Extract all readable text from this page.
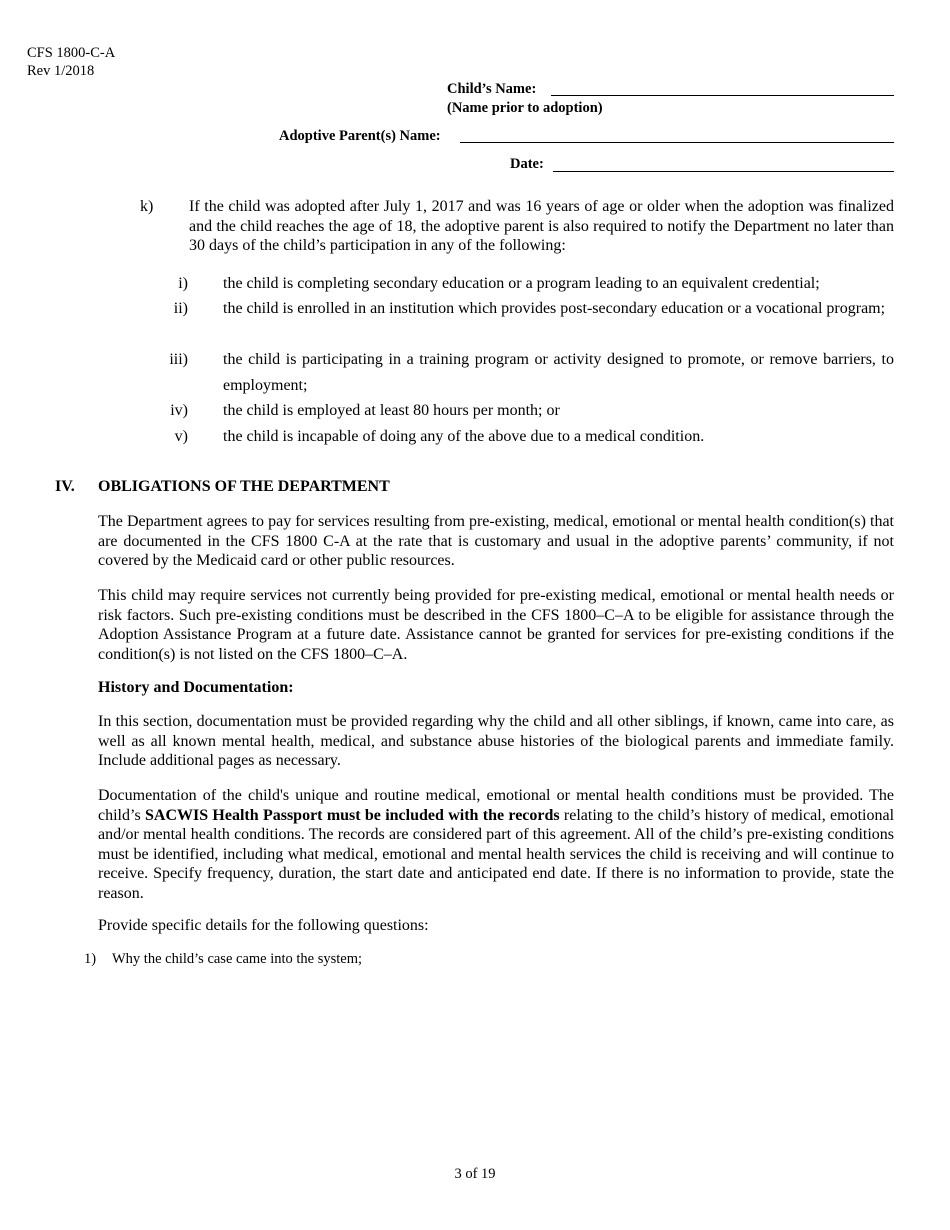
CFS 1800-C-A
Rev 1/2018
Child’s Name:
(Name prior to adoption)
Adoptive Parent(s) Name:
Date:
k) If the child was adopted after July 1, 2017 and was 16 years of age or older when the adoption was finalized and the child reaches the age of 18, the adoptive parent is also required to notify the Department no later than 30 days of the child’s participation in any of the following:
i) the child is completing secondary education or a program leading to an equivalent credential;
ii) the child is enrolled in an institution which provides post-secondary education or a vocational program;
iii) the child is participating in a training program or activity designed to promote, or remove barriers, to employment;
iv) the child is employed at least 80 hours per month; or
v) the child is incapable of doing any of the above due to a medical condition.
IV. OBLIGATIONS OF THE DEPARTMENT
The Department agrees to pay for services resulting from pre-existing, medical, emotional or mental health condition(s) that are documented in the CFS 1800 C-A at the rate that is customary and usual in the adoptive parents’ community, if not covered by the Medicaid card or other public resources.
This child may require services not currently being provided for pre-existing medical, emotional or mental health needs or risk factors. Such pre-existing conditions must be described in the CFS 1800–C–A to be eligible for assistance through the Adoption Assistance Program at a future date. Assistance cannot be granted for services for pre-existing conditions if the condition(s) is not listed on the CFS 1800–C–A.
History and Documentation:
In this section, documentation must be provided regarding why the child and all other siblings, if known, came into care, as well as all known mental health, medical, and substance abuse histories of the biological parents and immediate family. Include additional pages as necessary.
Documentation of the child's unique and routine medical, emotional or mental health conditions must be provided. The child’s SACWIS Health Passport must be included with the records relating to the child’s history of medical, emotional and/or mental health conditions. The records are considered part of this agreement. All of the child’s pre-existing conditions must be identified, including what medical, emotional and mental health services the child is receiving and will continue to receive. Specify frequency, duration, the start date and anticipated end date. If there is no information to provide, state the reason.
Provide specific details for the following questions:
1) Why the child’s case came into the system;
3 of 19
